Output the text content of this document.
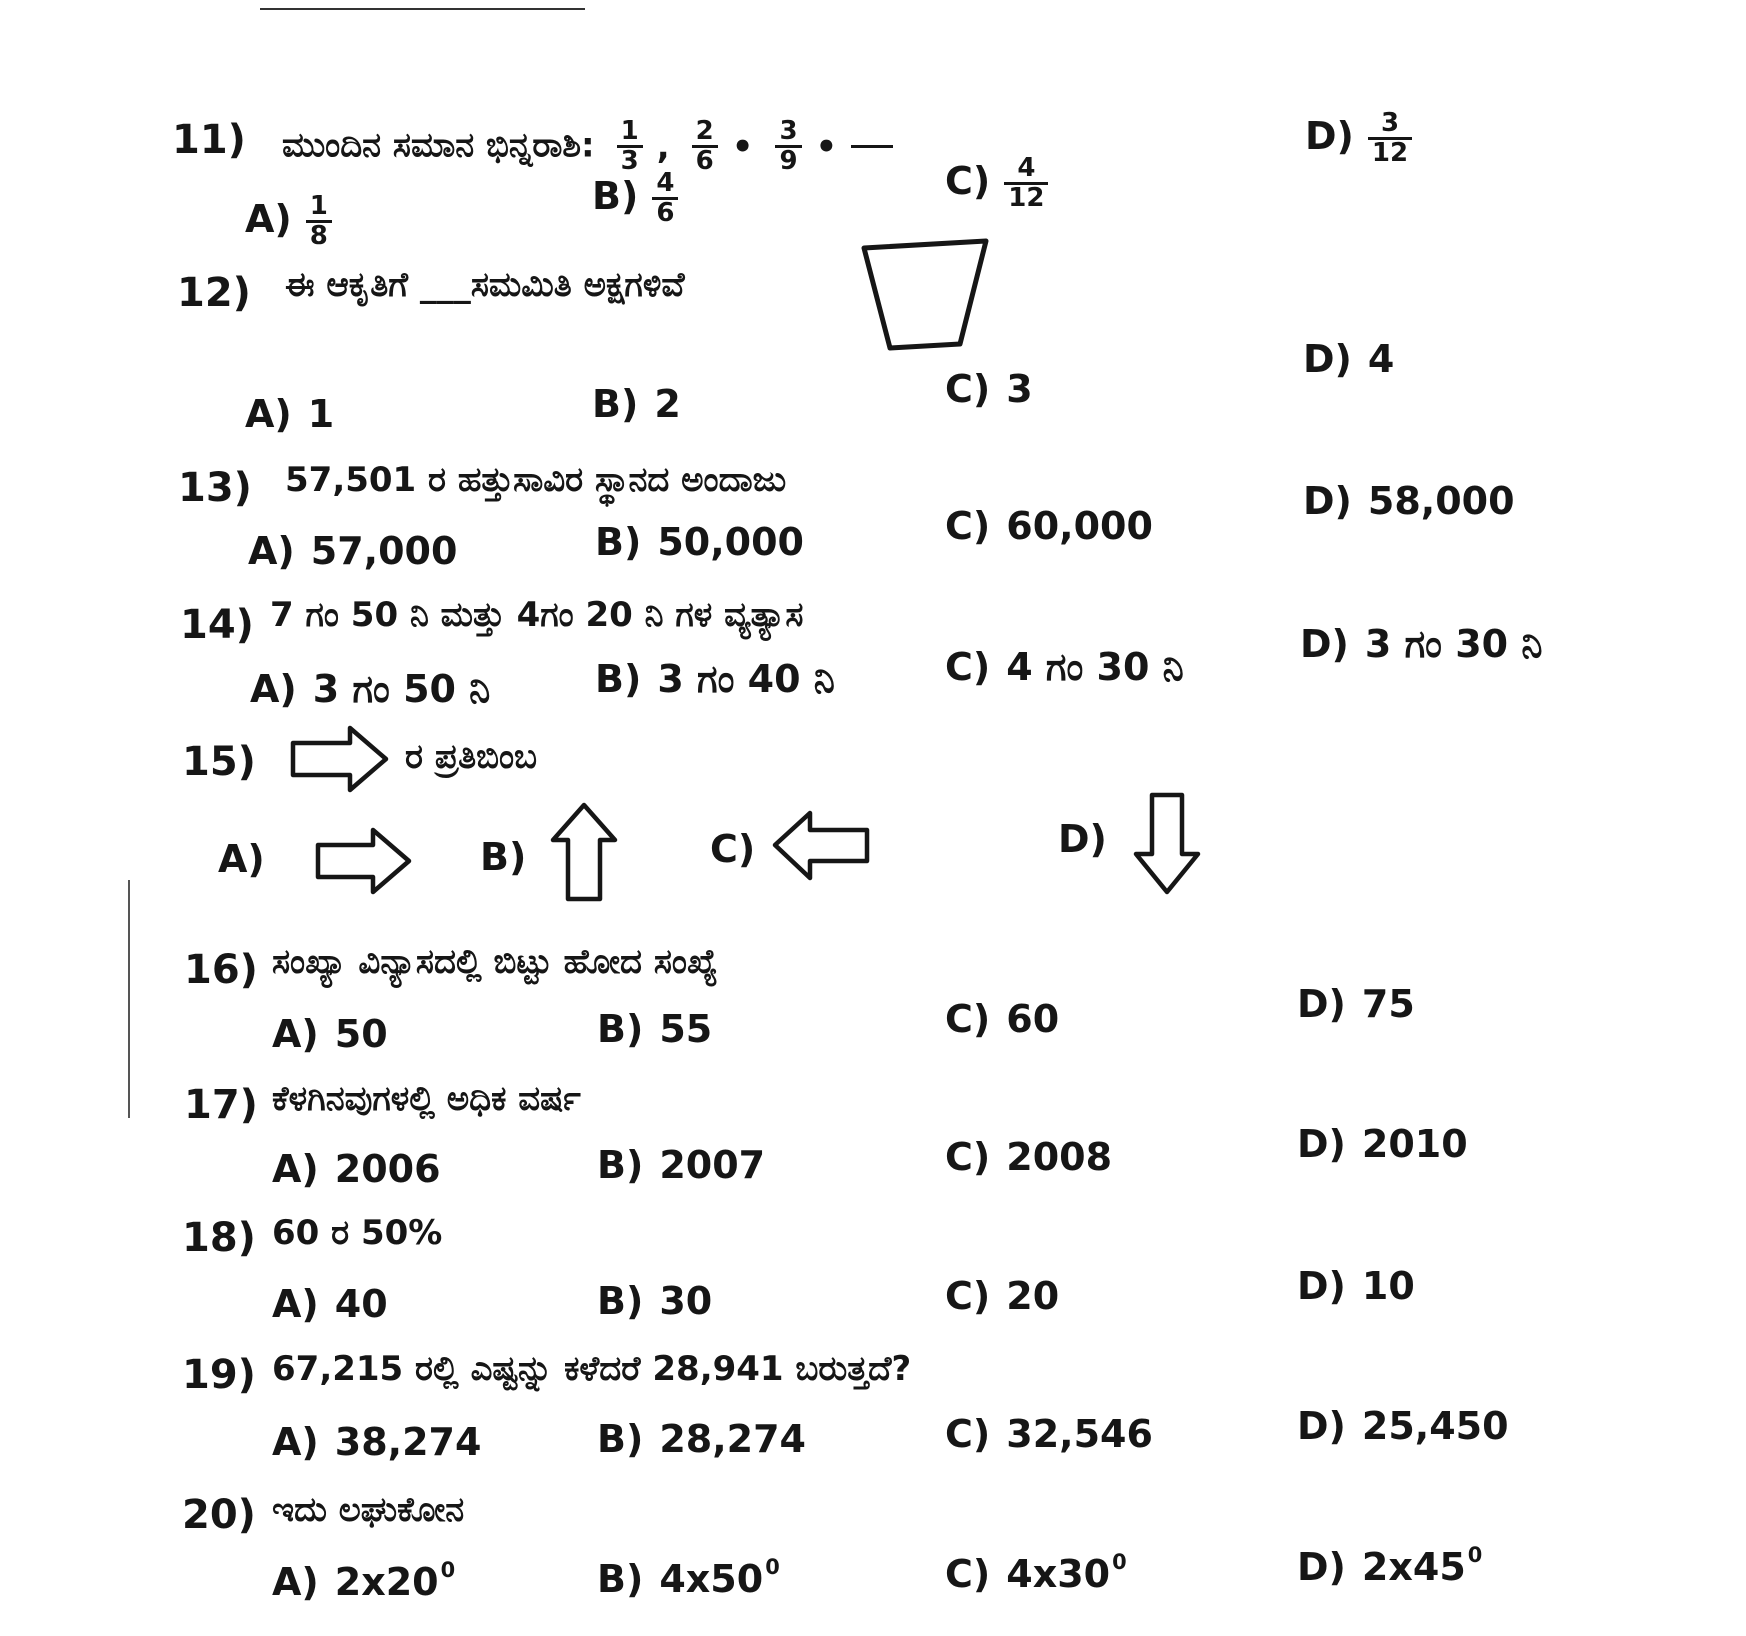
11) ಮುಂದಿನ ಸಮಾನ ಭಿನ್ನರಾಶಿ: $\frac{1}{3}$ , $\frac{2}{6}$ • $\frac{3}{9}$ •
$A) \frac{1}{8}$	$B) \frac{4}{6}$	$C) \frac{4}{12}$
$D) \frac{3}{12}$
12) ಈ ಆಕೃತಿಗೆ ___ಸಮಮಿತಿ ಅಕ್ಷಗಳಿವೆ
A) 1	B) 2	C) 3
D) 4
13) 57,501 ರ ಹತ್ತುಸಾವಿರ ಸ್ಥಾನದ ಅಂದಾಜು
A) 57,000	B) 50,000	C) 60,000
D) 58,000
14) 7 ಗಂ 50 ನಿ ಮತ್ತು 4ಗಂ 20 ನಿ ಗಳ ವ್ಯತ್ಯಾಸ
A) 3 ಗಂ 50 ನಿ	B) 3 ಗಂ 40 ನಿ	C) 4 ಗಂ 30 ನಿ
D) 3 ಗಂ 30 ನಿ
15)	ರ ಪ್ರತಿಬಿಂಬ
A)	B)	C)	D)
16) ಸಂಖ್ಯಾ ವಿನ್ಯಾಸದಲ್ಲಿ ಬಿಟ್ಟು ಹೋದ ಸಂಖ್ಯೆ
A) 50	B) 55	C) 60	D) 75
17) ಕೆಳಗಿನವುಗಳಲ್ಲಿ ಅಧಿಕ ವರ್ಷ
A) 2006	B) 2007	C) 2008	D) 2010
18) 60 ರ 50%
A) 40	B) 30	C) 20	D) 10
19) 67,215 ರಲ್ಲಿ ಎಷ್ಟನ್ನು ಕಳೆದರೆ 28,941 ಬರುತ್ತದೆ?
A) 38,274	B) 28,274	C) 32,546	D) 25,450
20) ಇದು ಲಘುಕೋನ
A) $2x20^0$	B) $4x50^0$	C) $4x30^0$	D) $2x45^0$
